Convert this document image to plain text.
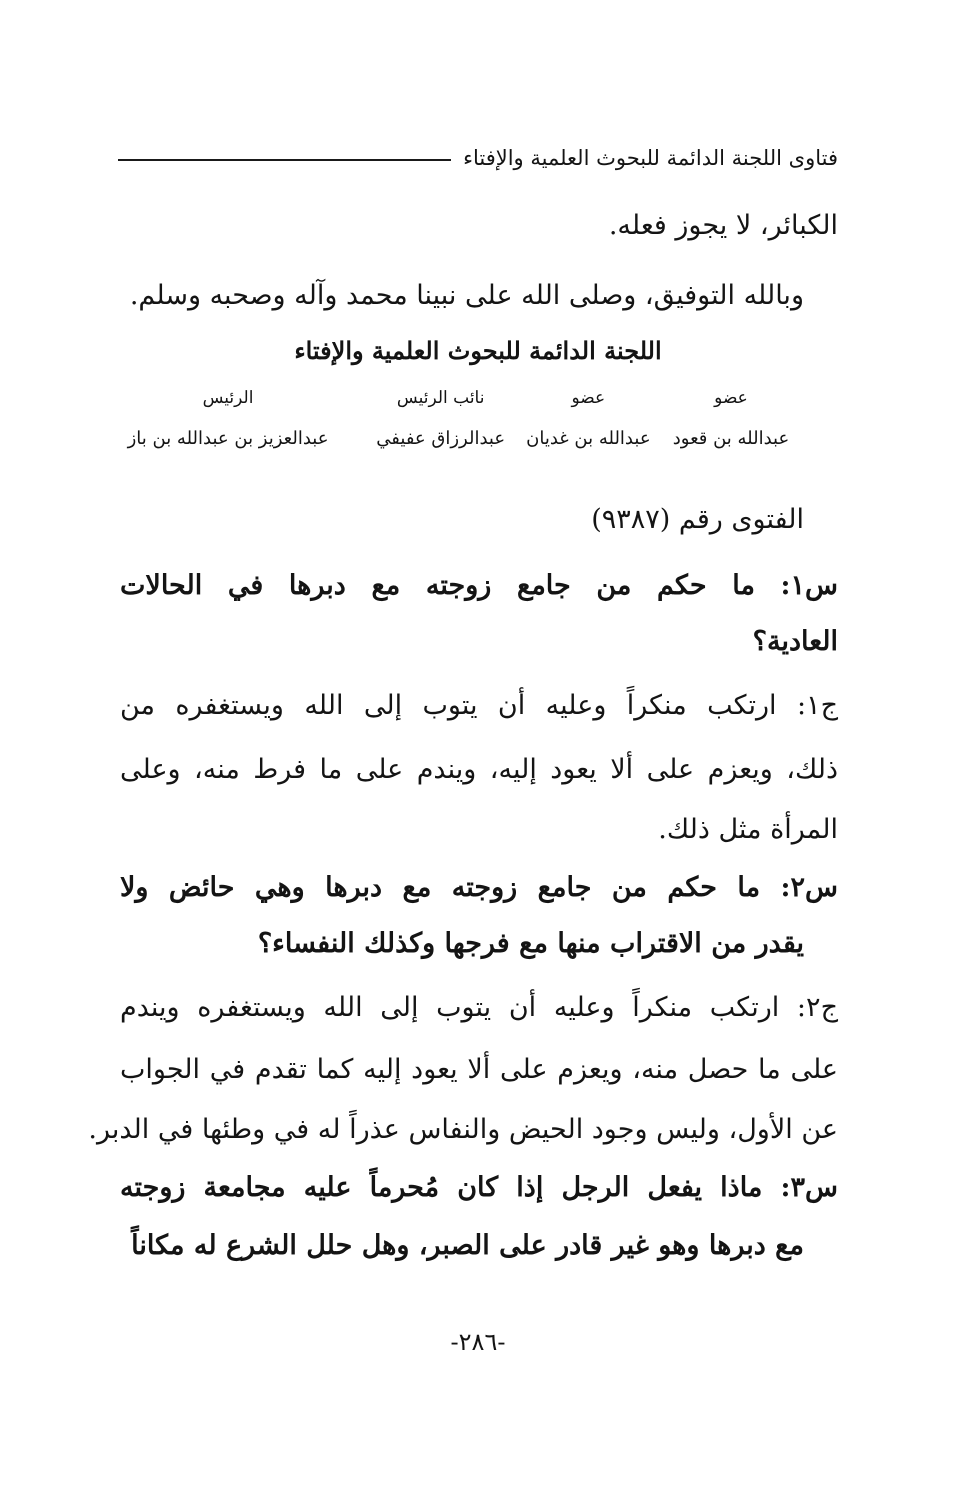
فتاوى اللجنة الدائمة للبحوث العلمية والإفتاء
الكبائر، لا يجوز فعله.
وبالله التوفيق، وصلى الله على نبينا محمد وآله وصحبه وسلم.
اللجنة الدائمة للبحوث العلمية والإفتاء
عضو
عضو
نائب الرئيس
الرئيس
عبدالله بن قعود
عبدالله بن غديان
عبدالرزاق عفيفي
عبدالعزيز بن عبدالله بن باز
الفتوى رقم (٩٣٨٧)
س١: ما حكم من جامع زوجته مع دبرها في الحالات
العادية؟
ج١: ارتكب منكراً وعليه أن يتوب إلى الله ويستغفره من
ذلك، ويعزم على ألا يعود إليه، ويندم على ما فرط منه، وعلى
المرأة مثل ذلك.
س٢: ما حكم من جامع زوجته مع دبرها وهي حائض ولا
يقدر من الاقتراب منها مع فرجها وكذلك النفساء؟
ج٢: ارتكب منكراً وعليه أن يتوب إلى الله ويستغفره ويندم
على ما حصل منه، ويعزم على ألا يعود إليه كما تقدم في الجواب
عن الأول، وليس وجود الحيض والنفاس عذراً له في وطئها في الدبر.
س٣: ماذا يفعل الرجل إذا كان مُحرماً عليه مجامعة زوجته
مع دبرها وهو غير قادر على الصبر، وهل حلل الشرع له مكاناً
-٢٨٦-
